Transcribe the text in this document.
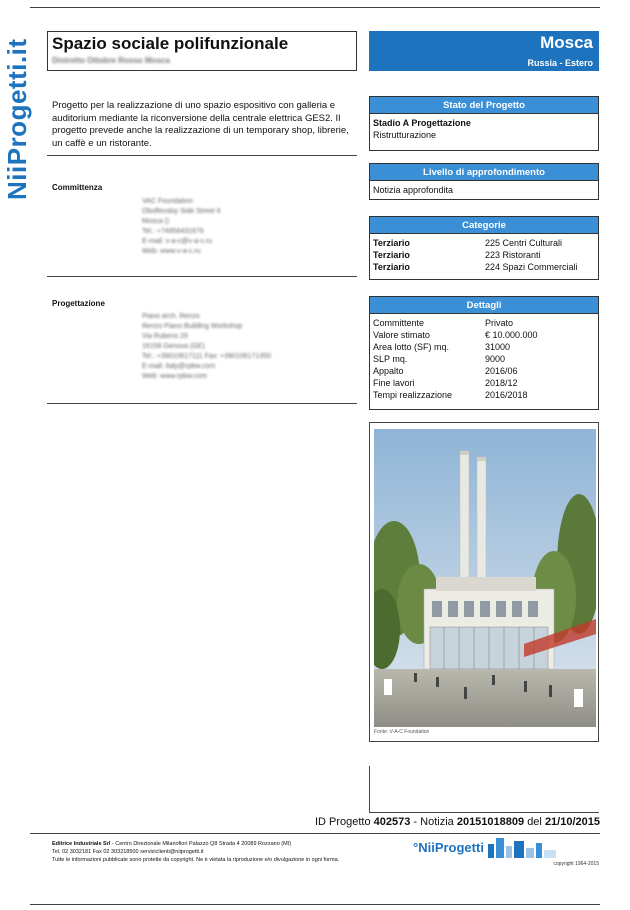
NiiProgetti.it Spazio sociale polifunzionale
Distretto Ottobre Rosso Mosca
Mosca
Russia - Estero
Progetto per la realizzazione di uno spazio espositivo con galleria e auditorium mediante la riconversione della centrale elettrica GES2. Il progetto prevede anche la realizzazione di un temporary shop, librerie, un caffè e un ristorante.
Committenza
VAC Foundation
Obolfevskiy Side Street 6
Mosca ()
Tel.: +74956431676
E-mail: v-a-c@v-a-c.ru
Web: www.v-a-c.ru
Progettazione
Piano arch. Renzo
Renzo Piano Building Workshop
Via Rubens 29
16158 Genova (GE)
Tel.: +39010617111 Fax: +390106171350
E-mail: italy@rpbw.com
Web: www.rpbw.com
Stato del Progetto
Stadio A Progettazione
Ristrutturazione
Livello di approfondimento
Notizia approfondita
Categorie
Terziario	225 Centri Culturali
Terziario	223 Ristoranti
Terziario	224 Spazi Commerciali
Dettagli
Committente	Privato
Valore stimato	€ 10.000.000
Area lotto (SF) mq.	31000
SLP mq.	9000
Appalto	2016/06
Fine lavori	2018/12
Tempi realizzazione	2016/2018
Fonte: V-A-C Foundation
ID Progetto 402573 - Notizia 20151018809 del 21/10/2015
Editrice Industriale Srl - Centro Direzionale Milanofiori Palazzo Q8 Strada 4 20089 Rozzano (MI)
Tel. 02 3032181 Fax 02 303218500 serviziclienti@niiprogetti.it
Tutte le informazioni pubblicate sono protette da copyright. Ne è vietata la riproduzione e/o divulgazione in ogni forma.
°NiiProgetti
copyright 1964-2015
